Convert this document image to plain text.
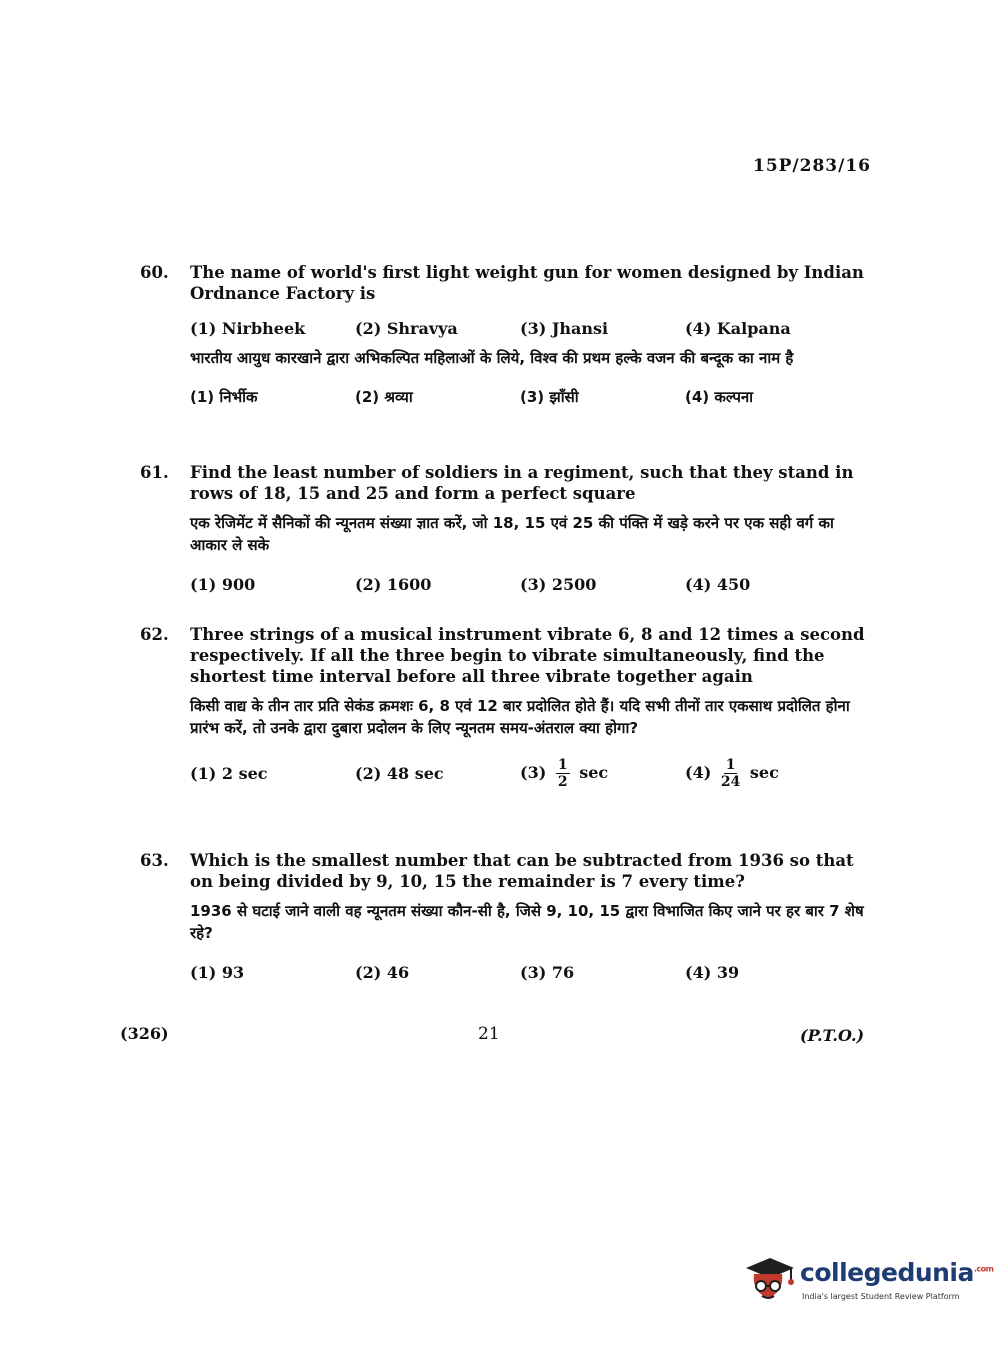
15P/283/16
60. The name of world's first light weight gun for women designed by Indian Ordnance Factory is
(1) Nirbheek	(2) Shravya	(3) Jhansi	(4) Kalpana
भारतीय आयुध कारखाने द्वारा अभिकल्पित महिलाओं के लिये, विश्व की प्रथम हल्के वजन की बन्दूक का नाम है
(1) निर्भीक	(2) श्रव्या	(3) झाँसी	(4) कल्पना
61. Find the least number of soldiers in a regiment, such that they stand in rows of 18, 15 and 25 and form a perfect square
एक रेजिमेंट में सैनिकों की न्यूनतम संख्या ज्ञात करें, जो 18, 15 एवं 25 की पंक्ति में खड़े करने पर एक सही वर्ग का आकार ले सके
(1) 900	(2) 1600	(3) 2500	(4) 450
62. Three strings of a musical instrument vibrate 6, 8 and 12 times a second respectively. If all the three begin to vibrate simultaneously, find the shortest time interval before all three vibrate together again
किसी वाद्य के तीन तार प्रति सेकंड क्रमशः 6, 8 एवं 12 बार प्रदोलित होते हैं। यदि सभी तीनों तार एकसाथ प्रदोलित होना प्रारंभ करें, तो उनके द्वारा दुबारा प्रदोलन के लिए न्यूनतम समय-अंतराल क्या होगा?
(1) 2 sec	(2) 48 sec	$(3) \frac{1}{2}$ sec	$(4) \frac{1}{24}$ sec
63. Which is the smallest number that can be subtracted from 1936 so that on being divided by 9, 10, 15 the remainder is 7 every time?
1936 से घटाई जाने वाली वह न्यूनतम संख्या कौन-सी है, जिसे 9, 10, 15 द्वारा विभाजित किए जाने पर हर बार 7 शेष रहे?
(1) 93	(2) 46	(3) 76	(4) 39
(326)	21	(P.T.O.)
collegedunia$^{.com}$
India's largest Student Review Platform
